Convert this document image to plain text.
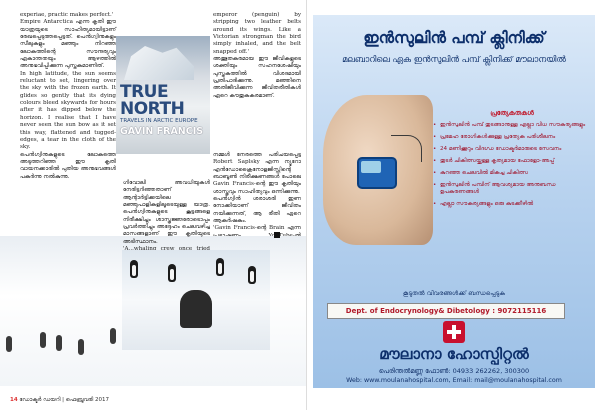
experiae, practic makes perfect.'

Empire Antarctica എന്ന കൃതി ഈ യാത്രയുടെ സാഹിത്യമായിട്ടാണ് രേഖപ്പെടുത്തപ്പെട്ടത്. പെൻഗ്വിനുകളും സീലുകളും മഞ്ഞും നിറഞ്ഞ ലോകത്തിന്റെ സൗന്ദര്യവും ഏകാന്തതയും ആഴത്തിൽ അനുഭവിപ്പിക്കുന്ന പുസ്തകമാണിത്.

In high latitude, the sun seems reluctant to set, lingering over the sky with the frozen earth. It glides so gently that its dying colours bleed skywards for hours after it has dipped below the horizon. I realise that I have never seen the sun bow as it set this way, flattened and tugged-edges, a tear in the cloth of the sky.

പെൻഗ്വിനുകളുടെ ലോകത്തെ അടുത്തറിഞ്ഞ ഈ കൃതി വായനക്കാരിൽ പുതിയ അനുഭവങ്ങൾ പകർന്നു നൽകുന്നു.

TRUE NORTH
TRAVELS IN ARCTIC EUROPE
GAVIN FRANCIS

emperor (penguin) by stripping two leather belts around its wings. Like a Victorian strongman the bird simply inhaled, and the belt snapped off.'

അത്ഭുതകരമായ ഈ ജീവികളുടെ ശക്തിയും സഹനശേഷിയും പുസ്തകത്തിൽ വിശദമായി പ്രതിപാദിക്കുന്നു. മഞ്ഞിനെ അതിജീവിക്കുന്ന ജീവിതരീതികൾ ഏറെ കൗതുകകരമാണ്.

നമ്മൾ നേരത്തെ പരിചയപ്പെട്ട Robert Saplsky എന്ന ന്യൂറോ എൻഡോക്രൈനോളജിസ്റ്റിന്റെ ബാബൂൺ നിരീക്ഷണങ്ങൾ പോലെ Gavin Francis-ന്റെ ഈ കൃതിയും ശാസ്ത്രവും സാഹിത്യവും ഒന്നിക്കുന്നു.

പെൻഗ്വിൻ ശരാശരി ഇണ നോക്കിയാണ് ജീവിതം നയിക്കുന്നത്, ആ രീതി ഏറെ ആകർഷകം.

'Gavin Francis-ന്റെ Brain എന്ന

ഗിവോലി അവധിയുകൾ നേരിട്ടറിഞ്ഞതാണ് ആന്റാർട്ടിക്കയിലെ മഞ്ഞുപാളികളിലൂടെയുള്ള യാത്ര. പെൻഗ്വിനുകളുടെ കൂട്ടങ്ങളെ നിരീക്ഷിച്ചും ശാസ്ത്രജ്ഞരോടൊപ്പം പ്രവർത്തിച്ചും അദ്ദേഹം ചെലവഴിച്ച മാസങ്ങളാണ് ഈ കൃതിയുടെ അടിസ്ഥാനം.

14 ഡോക്ടർ ഡയറി | ഫെബ്രുവരി 2017
ഇൻസുലിൻ പമ്പ് ക്ലിനിക്ക്
മലബാറിലെ ഏക ഇൻസുലിൻ പമ്പ് ക്ലിനിക്ക് മൗലാനയിൽ
പ്രത്യേകതകൾ
• ഇൻസുലിൻ പമ്പ് തുടങ്ങാനുള്ള എല്ലാ വിധ സൗകര്യങ്ങളും
• പ്രമേഹ രോഗികൾക്കുള്ള പ്രത്യേക പരിശീലനം
• 24 മണിക്കൂറും വിദഗ്ധ ഡോക്ടർമാരുടെ സേവനം
• തുടർ ചികിത്സയ്ക്കുള്ള കൃത്യമായ ഫോളോ-അപ്പ്
• കുറഞ്ഞ ചെലവിൽ മികച്ച ചികിത്സ
• ഇൻസുലിൻ പമ്പിന് ആവശ്യമായ അനുബന്ധ ഉപകരണങ്ങൾ
• എല്ലാ സൗകര്യങ്ങളും ഒരു കുടക്കീഴിൽ
കൂടുതൽ വിവരങ്ങൾക്ക് ബന്ധപ്പെടുക
Dept. of Endocrynology& Dibetology : 9072115116
മൗലാനാ ഹോസ്പിറ്റൽ
പെരിന്തൽമണ്ണ ഫോൺ: 04933 262262, 300300
Web: www.moulanahospital.com, Email: mail@moulanahospital.com
